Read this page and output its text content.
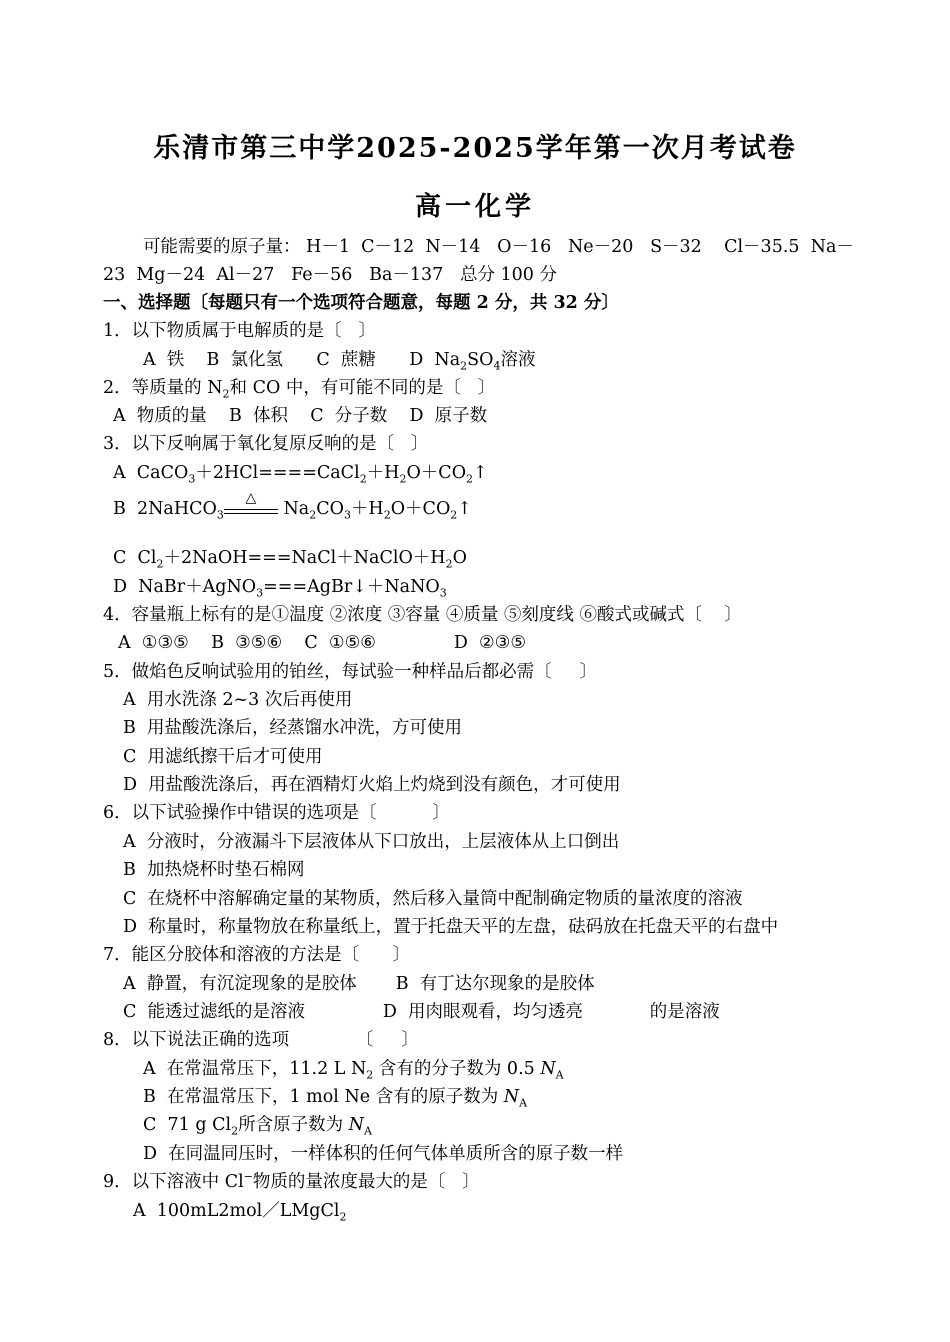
乐清市第三中学2025-2025学年第一次月考试卷
高一化学
可能需要的原子量： H－1  C－12  N－14   O－16   Ne－20   S－32    Cl－35.5  Na－
23  Mg－24  Al－27   Fe－56   Ba－137   总分 100 分
一、选择题〔每题只有一个选项符合题意，每题 2 分，共 32 分〕
1．以下物质属于电解质的是〔   〕
A  铁    B  氯化氢      C  蔗糖      D  $Na_2SO_4$溶液
2．等质量的 $N_2$和 CO 中，有可能不同的是〔   〕
A  物质的量    B  体积    C  分子数    D  原子数
3．以下反响属于氧化复原反响的是〔   〕
A  $CaCO_3+2HCl====CaCl_2+H_2O+CO_2↑$
B  2NaHCO$_3$
△
$Na_2CO_3+H_2O+CO_2↑$
C  $Cl_2+2NaOH===NaCl+NaClO+H_2O$
D  NaBr＋AgNO$_3$===AgBr↓＋NaNO$_3$
4．容量瓶上标有的是①温度 ②浓度 ③容量 ④质量 ⑤刻度线 ⑥酸式或碱式〔    〕
A  ①③⑤    B  ③⑤⑥    C  ①⑤⑥              D  ②③⑤
5．做焰色反响试验用的铂丝，每试验一种样品后都必需〔     〕
A  用水洗涤 2~3 次后再使用
B  用盐酸洗涤后，经蒸馏水冲洗，方可使用
C  用滤纸擦干后才可使用
D  用盐酸洗涤后，再在酒精灯火焰上灼烧到没有颜色，才可使用
6．以下试验操作中错误的选项是〔          〕
A  分液时，分液漏斗下层液体从下口放出，上层液体从上口倒出
B  加热烧杯时垫石棉网
C  在烧杯中溶解确定量的某物质，然后移入量筒中配制确定物质的量浓度的溶液
D  称量时，称量物放在称量纸上，置于托盘天平的左盘，砝码放在托盘天平的右盘中
7．能区分胶体和溶液的方法是〔      〕
A  静置，有沉淀现象的是胶体       B  有丁达尔现象的是胶体
C  能透过滤纸的是溶液              D  用肉眼观看，均匀透亮            的是溶液
8．以下说法正确的选项            〔     〕
A  在常温常压下，11.2 L $N_2$ 含有的分子数为 0.5 $N_A$
B  在常温常压下，1 mol Ne 含有的原子数为 $N_A$
C  71 g $Cl_2$所含原子数为 $N_A$
D  在同温同压时，一样体积的任何气体单质所含的原子数一样
9．以下溶液中 Cl−物质的量浓度最大的是〔   〕
A  100mL2mol／LMgCl$_2$
